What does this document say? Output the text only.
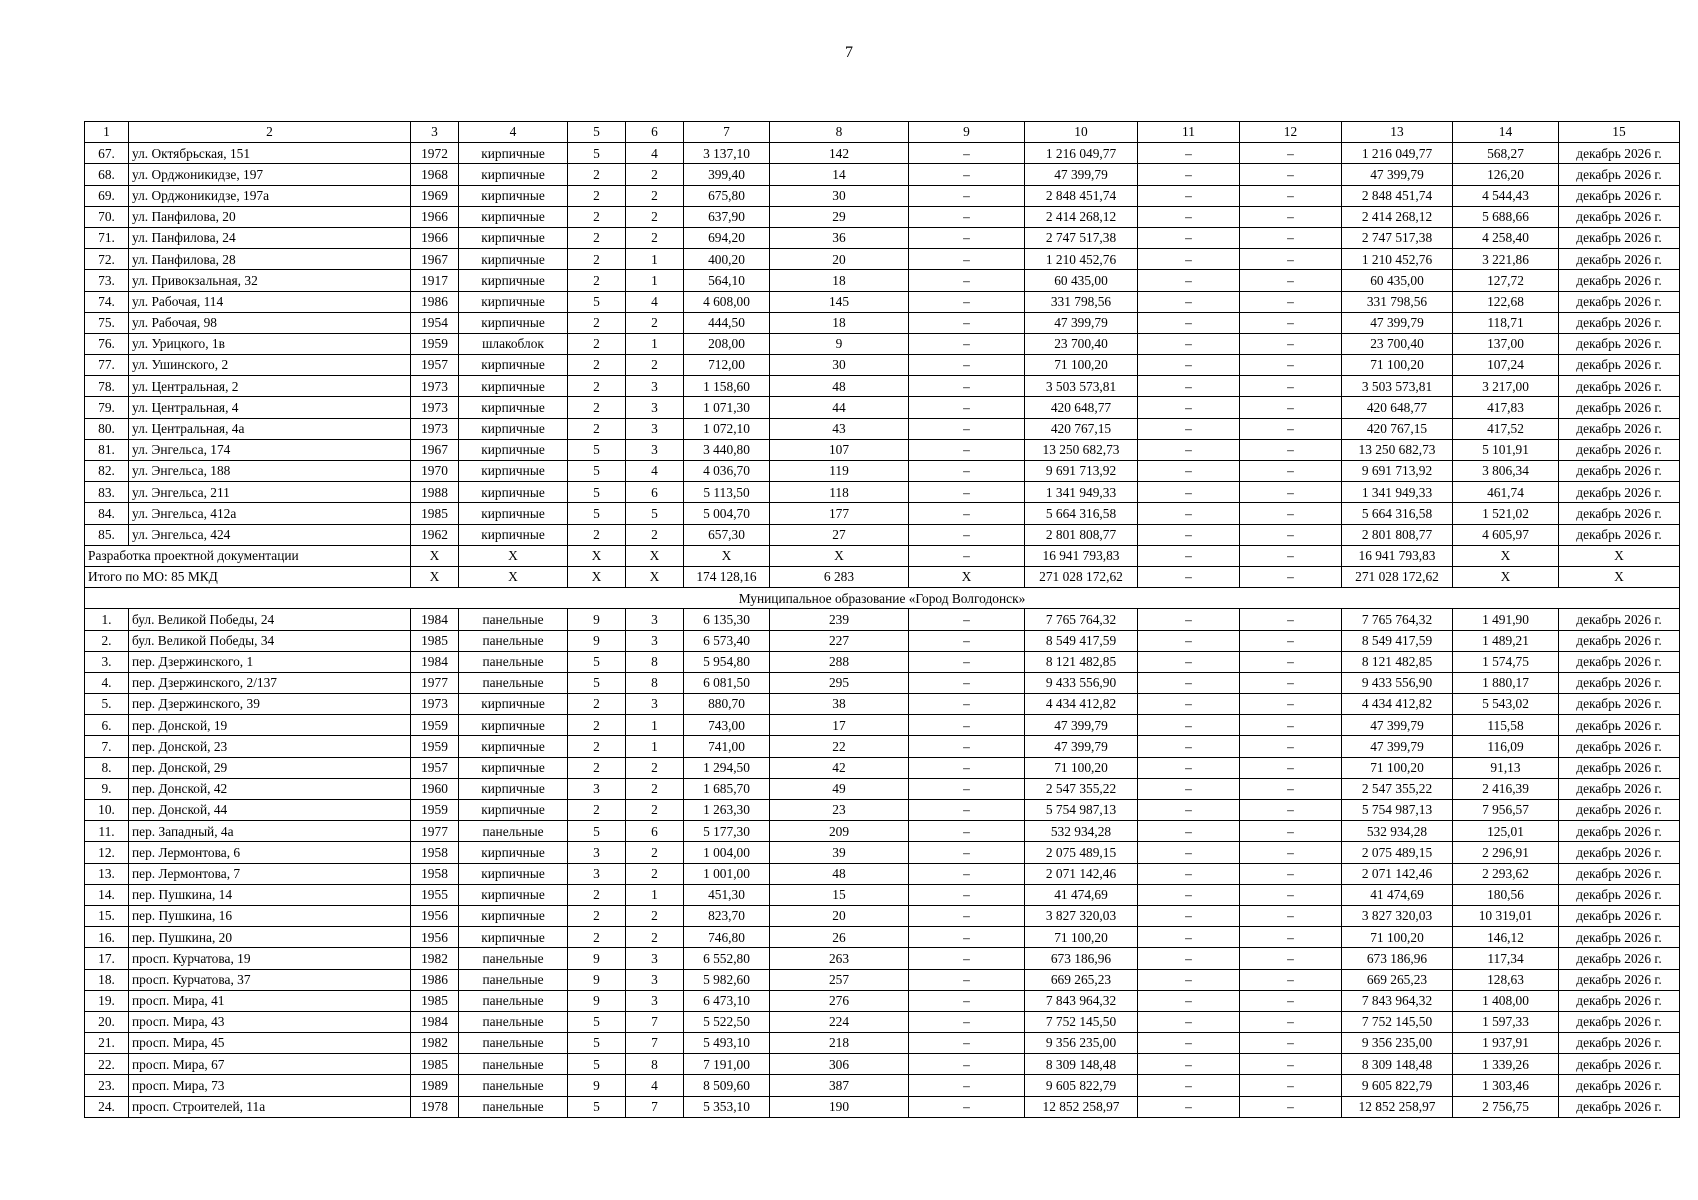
7
1	2	3	4	5	6	7	8	9	10	11	12	13	14	15
67.	ул. Октябрьская, 151	1972	кирпичные	5	4	3 137,10	142	–	1 216 049,77	–	–	1 216 049,77	568,27	декабрь 2026 г.
68.	ул. Орджоникидзе, 197	1968	кирпичные	2	2	399,40	14	–	47 399,79	–	–	47 399,79	126,20	декабрь 2026 г.
69.	ул. Орджоникидзе, 197а	1969	кирпичные	2	2	675,80	30	–	2 848 451,74	–	–	2 848 451,74	4 544,43	декабрь 2026 г.
70.	ул. Панфилова, 20	1966	кирпичные	2	2	637,90	29	–	2 414 268,12	–	–	2 414 268,12	5 688,66	декабрь 2026 г.
71.	ул. Панфилова, 24	1966	кирпичные	2	2	694,20	36	–	2 747 517,38	–	–	2 747 517,38	4 258,40	декабрь 2026 г.
72.	ул. Панфилова, 28	1967	кирпичные	2	1	400,20	20	–	1 210 452,76	–	–	1 210 452,76	3 221,86	декабрь 2026 г.
73.	ул. Привокзальная, 32	1917	кирпичные	2	1	564,10	18	–	60 435,00	–	–	60 435,00	127,72	декабрь 2026 г.
74.	ул. Рабочая, 114	1986	кирпичные	5	4	4 608,00	145	–	331 798,56	–	–	331 798,56	122,68	декабрь 2026 г.
75.	ул. Рабочая, 98	1954	кирпичные	2	2	444,50	18	–	47 399,79	–	–	47 399,79	118,71	декабрь 2026 г.
76.	ул. Урицкого, 1в	1959	шлакоблок	2	1	208,00	9	–	23 700,40	–	–	23 700,40	137,00	декабрь 2026 г.
77.	ул. Ушинского, 2	1957	кирпичные	2	2	712,00	30	–	71 100,20	–	–	71 100,20	107,24	декабрь 2026 г.
78.	ул. Центральная, 2	1973	кирпичные	2	3	1 158,60	48	–	3 503 573,81	–	–	3 503 573,81	3 217,00	декабрь 2026 г.
79.	ул. Центральная, 4	1973	кирпичные	2	3	1 071,30	44	–	420 648,77	–	–	420 648,77	417,83	декабрь 2026 г.
80.	ул. Центральная, 4а	1973	кирпичные	2	3	1 072,10	43	–	420 767,15	–	–	420 767,15	417,52	декабрь 2026 г.
81.	ул. Энгельса, 174	1967	кирпичные	5	3	3 440,80	107	–	13 250 682,73	–	–	13 250 682,73	5 101,91	декабрь 2026 г.
82.	ул. Энгельса, 188	1970	кирпичные	5	4	4 036,70	119	–	9 691 713,92	–	–	9 691 713,92	3 806,34	декабрь 2026 г.
83.	ул. Энгельса, 211	1988	кирпичные	5	6	5 113,50	118	–	1 341 949,33	–	–	1 341 949,33	461,74	декабрь 2026 г.
84.	ул. Энгельса, 412а	1985	кирпичные	5	5	5 004,70	177	–	5 664 316,58	–	–	5 664 316,58	1 521,02	декабрь 2026 г.
85.	ул. Энгельса, 424	1962	кирпичные	2	2	657,30	27	–	2 801 808,77	–	–	2 801 808,77	4 605,97	декабрь 2026 г.
Разработка проектной документации		X	X	X	X	X	X	–	16 941 793,83	–	–	16 941 793,83	X	X
Итого по МО: 85 МКД		X	X	X	X	174 128,16	6 283	X	271 028 172,62	–	–	271 028 172,62	X	X
Муниципальное образование «Город Волгодонск»														
1.	бул. Великой Победы, 24	1984	панельные	9	3	6 135,30	239	–	7 765 764,32	–	–	7 765 764,32	1 491,90	декабрь 2026 г.
2.	бул. Великой Победы, 34	1985	панельные	9	3	6 573,40	227	–	8 549 417,59	–	–	8 549 417,59	1 489,21	декабрь 2026 г.
3.	пер. Дзержинского, 1	1984	панельные	5	8	5 954,80	288	–	8 121 482,85	–	–	8 121 482,85	1 574,75	декабрь 2026 г.
4.	пер. Дзержинского, 2/137	1977	панельные	5	8	6 081,50	295	–	9 433 556,90	–	–	9 433 556,90	1 880,17	декабрь 2026 г.
5.	пер. Дзержинского, 39	1973	кирпичные	2	3	880,70	38	–	4 434 412,82	–	–	4 434 412,82	5 543,02	декабрь 2026 г.
6.	пер. Донской, 19	1959	кирпичные	2	1	743,00	17	–	47 399,79	–	–	47 399,79	115,58	декабрь 2026 г.
7.	пер. Донской, 23	1959	кирпичные	2	1	741,00	22	–	47 399,79	–	–	47 399,79	116,09	декабрь 2026 г.
8.	пер. Донской, 29	1957	кирпичные	2	2	1 294,50	42	–	71 100,20	–	–	71 100,20	91,13	декабрь 2026 г.
9.	пер. Донской, 42	1960	кирпичные	3	2	1 685,70	49	–	2 547 355,22	–	–	2 547 355,22	2 416,39	декабрь 2026 г.
10.	пер. Донской, 44	1959	кирпичные	2	2	1 263,30	23	–	5 754 987,13	–	–	5 754 987,13	7 956,57	декабрь 2026 г.
11.	пер. Западный, 4а	1977	панельные	5	6	5 177,30	209	–	532 934,28	–	–	532 934,28	125,01	декабрь 2026 г.
12.	пер. Лермонтова, 6	1958	кирпичные	3	2	1 004,00	39	–	2 075 489,15	–	–	2 075 489,15	2 296,91	декабрь 2026 г.
13.	пер. Лермонтова, 7	1958	кирпичные	3	2	1 001,00	48	–	2 071 142,46	–	–	2 071 142,46	2 293,62	декабрь 2026 г.
14.	пер. Пушкина, 14	1955	кирпичные	2	1	451,30	15	–	41 474,69	–	–	41 474,69	180,56	декабрь 2026 г.
15.	пер. Пушкина, 16	1956	кирпичные	2	2	823,70	20	–	3 827 320,03	–	–	3 827 320,03	10 319,01	декабрь 2026 г.
16.	пер. Пушкина, 20	1956	кирпичные	2	2	746,80	26	–	71 100,20	–	–	71 100,20	146,12	декабрь 2026 г.
17.	просп. Курчатова, 19	1982	панельные	9	3	6 552,80	263	–	673 186,96	–	–	673 186,96	117,34	декабрь 2026 г.
18.	просп. Курчатова, 37	1986	панельные	9	3	5 982,60	257	–	669 265,23	–	–	669 265,23	128,63	декабрь 2026 г.
19.	просп. Мира, 41	1985	панельные	9	3	6 473,10	276	–	7 843 964,32	–	–	7 843 964,32	1 408,00	декабрь 2026 г.
20.	просп. Мира, 43	1984	панельные	5	7	5 522,50	224	–	7 752 145,50	–	–	7 752 145,50	1 597,33	декабрь 2026 г.
21.	просп. Мира, 45	1982	панельные	5	7	5 493,10	218	–	9 356 235,00	–	–	9 356 235,00	1 937,91	декабрь 2026 г.
22.	просп. Мира, 67	1985	панельные	5	8	7 191,00	306	–	8 309 148,48	–	–	8 309 148,48	1 339,26	декабрь 2026 г.
23.	просп. Мира, 73	1989	панельные	9	4	8 509,60	387	–	9 605 822,79	–	–	9 605 822,79	1 303,46	декабрь 2026 г.
24.	просп. Строителей, 11а	1978	панельные	5	7	5 353,10	190	–	12 852 258,97	–	–	12 852 258,97	2 756,75	декабрь 2026 г.
